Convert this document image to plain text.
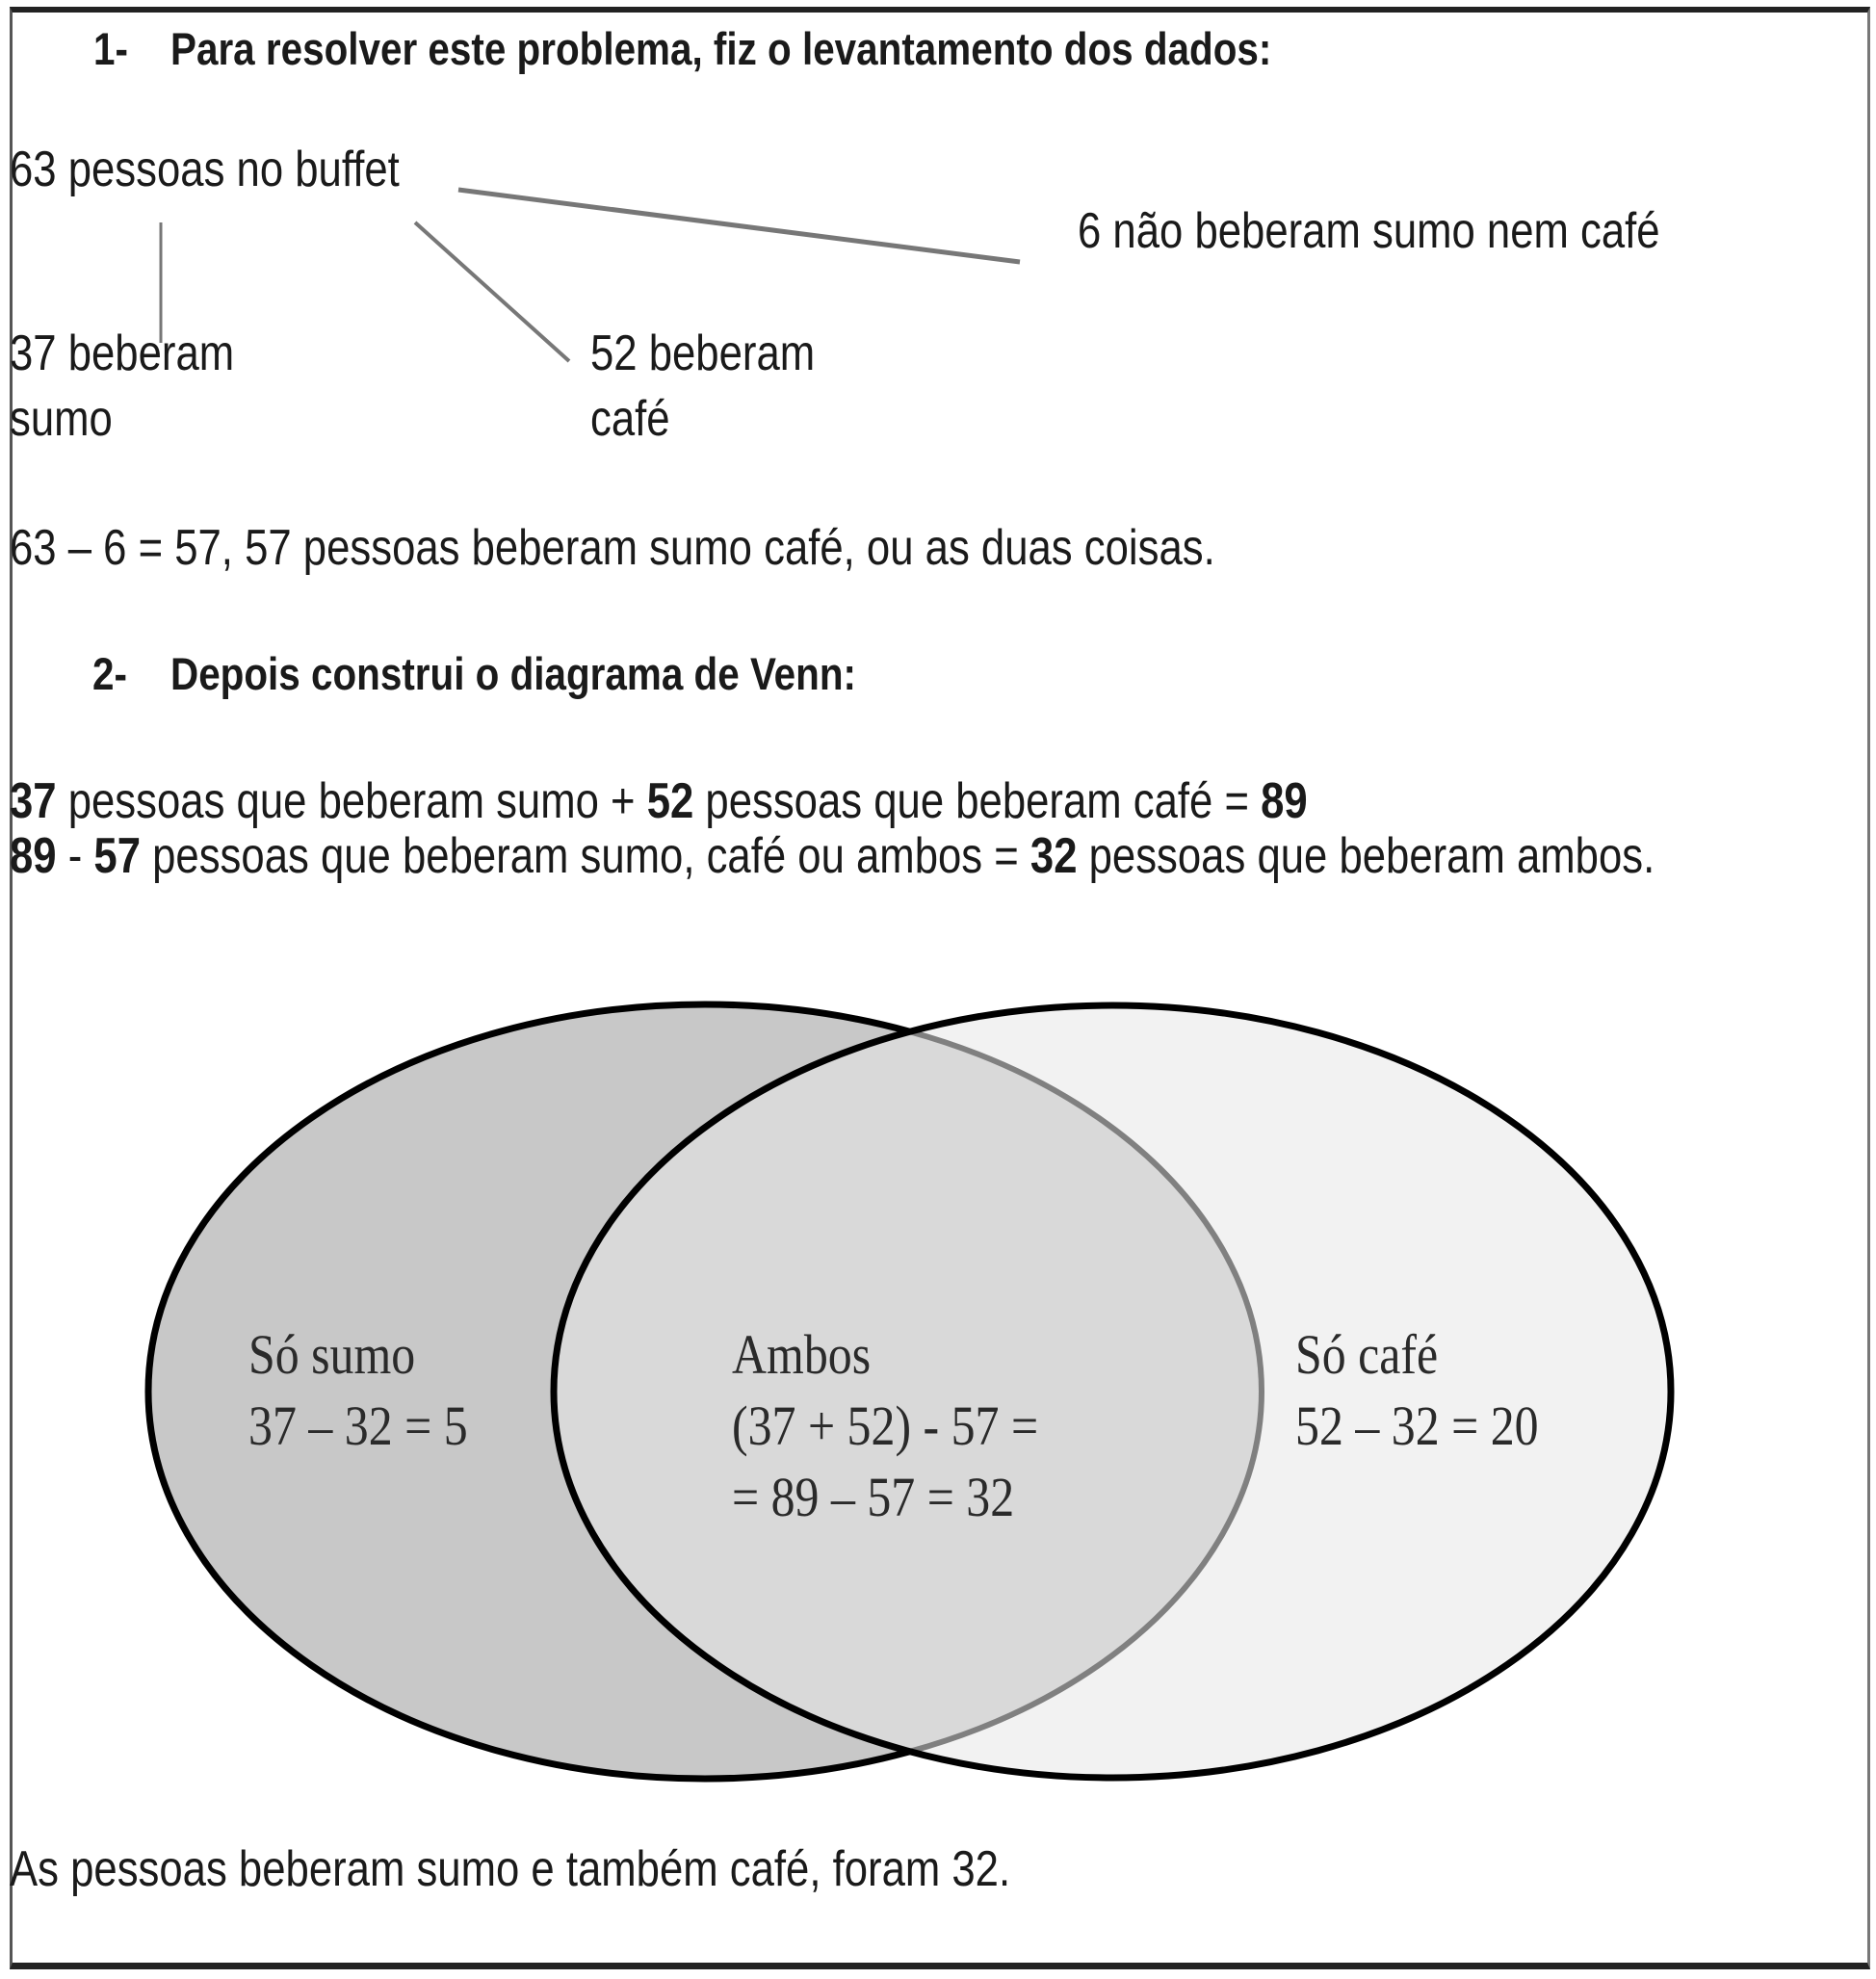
1- Para resolver este problema, fiz o levantamento dos dados:
63 pessoas no buffet
6 não beberam sumo nem café
37 beberam
sumo
52 beberam
café
63 – 6 = 57, 57 pessoas beberam sumo café, ou as duas coisas.
2- Depois construi o diagrama de Venn:
37 pessoas que beberam sumo + 52 pessoas que beberam café = 89
89 - 57 pessoas que beberam sumo, café ou ambos = 32 pessoas que beberam ambos.
Só sumo
37 – 32 = 5
Ambos
(37 + 52) - 57 =
= 89 – 57 = 32
Só café
52 – 32 = 20
As pessoas beberam sumo e também café, foram 32.
